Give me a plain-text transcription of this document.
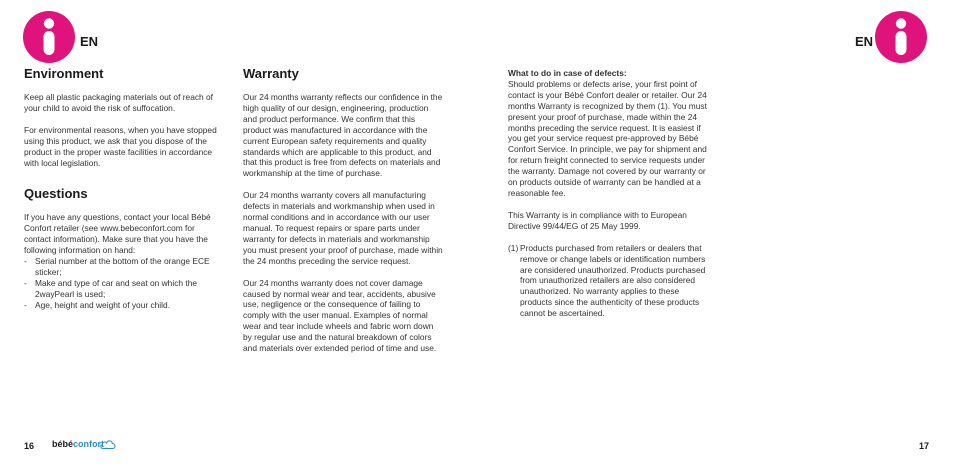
EN	EN
Environment

Keep all plastic packaging materials out of reach of your child to avoid the risk of suffocation.

For environmental reasons, when you have stopped using this product, we ask that you dispose of the product in the proper waste facilities in accordance with local legislation.

Questions
If you have any questions, contact your local Bébé Confort retailer (see www.bebeconfort.com for contact information). Make sure that you have the following information on hand:
- Serial number at the bottom of the orange ECE sticker;
- Make and type of car and seat on which the 2wayPearl is used;
- Age, height and weight of your child.
Warranty

Our 24 months warranty reflects our confidence in the high quality of our design, engineering, production and product performance. We confirm that this product was manufactured in accordance with the current European safety requirements and quality standards which are applicable to this product, and that this product is free from defects on materials and workmanship at the time of purchase.

Our 24 months warranty covers all manufacturing defects in materials and workmanship when used in normal conditions and in accordance with our user manual. To request repairs or spare parts under warranty for defects in materials and workmanship you must present your proof of purchase, made within the 24 months preceding the service request.

Our 24 months warranty does not cover damage caused by normal wear and tear, accidents, abusive use, negligence or the consequence of failing to comply with the user manual. Examples of normal wear and tear include wheels and fabric worn down by regular use and the natural breakdown of colors and materials over extended period of time and use.

What to do in case of defects:

Should problems or defects arise, your first point of contact is your Bébé Confort dealer or retailer. Our 24 months Warranty is recognized by them (1). You must present your proof of purchase, made within the 24 months preceding the service request. It is easiest if you get your service request pre-approved by Bébé Confort Service. In principle, we pay for shipment and for return freight connected to service requests under the warranty. Damage not covered by our warranty or on products outside of warranty can be handled at a reasonable fee.

This Warranty is in compliance with to European Directive 99/44/EG of 25 May 1999.

(1) Products purchased from retailers or dealers that remove or change labels or identification numbers are considered unauthorized. Products purchased from unauthorized retailers are also considered unauthorized. No warranty applies to these products since the authenticity of these products cannot be ascertained.
16 bébéconfort	17
